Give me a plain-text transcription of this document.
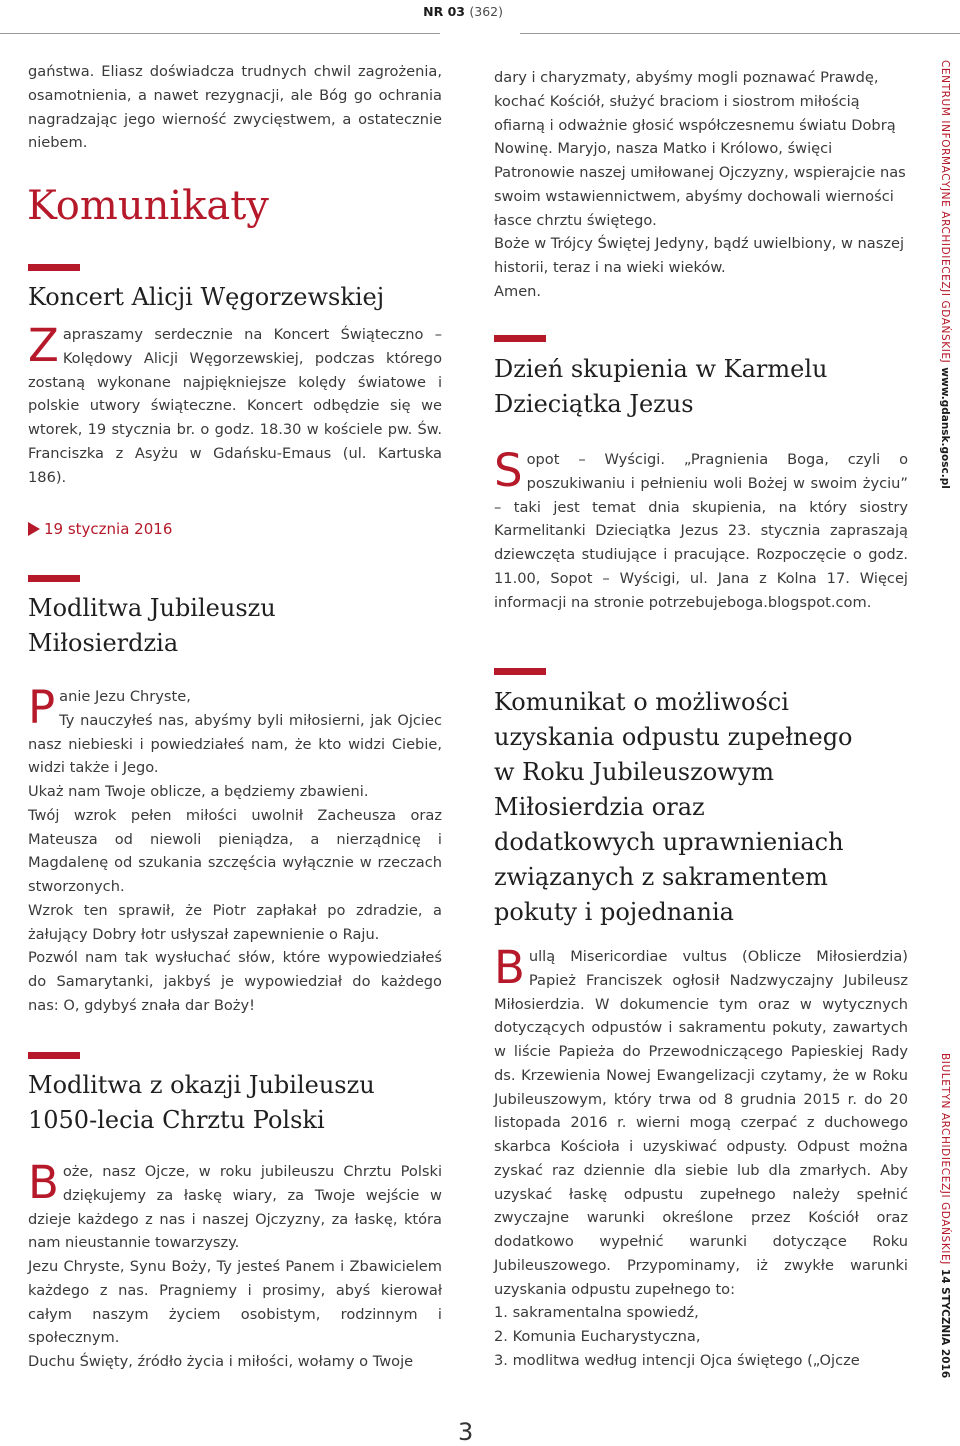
NR 03 (362)

gaństwa. Eliasz doświadcza trudnych chwil zagrożenia, osamotnienia, a nawet rezygnacji, ale Bóg go ochrania nagradzając jego wierność zwycięstwem, a ostatecznie niebem.

Komunikaty
Koncert Alicji Węgorzewskiej

Zapraszamy serdecznie na Koncert Świąteczno – Kolędowy Alicji Węgorzewskiej, podczas którego zostaną wykonane najpiękniejsze kolędy światowe i polskie utwory świąteczne. Koncert odbędzie się we wtorek, 19 stycznia br. o godz. 18.30 w kościele pw. Św. Franciszka z Asyżu w Gdańsku-Emaus (ul. Kartuska 186).

19 stycznia 2016
Modlitwa Jubileuszu
Miłosierdzia

Panie Jezu Chryste,

Ty nauczyłeś nas, abyśmy byli miłosierni, jak Ojciec nasz niebieski i powiedziałeś nam, że kto widzi Ciebie, widzi także i Jego.

Ukaż nam Twoje oblicze, a będziemy zbawieni.

Twój wzrok pełen miłości uwolnił Zacheusza oraz Mateusza od niewoli pieniądza, a nierządnicę i Magdalenę od szukania szczęścia wyłącznie w rzeczach stworzonych.

Wzrok ten sprawił, że Piotr zapłakał po zdradzie, a żałujący Dobry łotr usłyszał zapewnienie o Raju.

Pozwól nam tak wysłuchać słów, które wypowiedziałeś do Samarytanki, jakbyś je wypowiedział do każdego nas: O, gdybyś znała dar Boży!

Modlitwa z okazji Jubileuszu
1050-lecia Chrztu Polski

Boże, nasz Ojcze, w roku jubileuszu Chrztu Polski dziękujemy za łaskę wiary, za Twoje wejście w dzieje każdego z nas i naszej Ojczyzny, za łaskę, która nam nieustannie towarzyszy.

Jezu Chryste, Synu Boży, Ty jesteś Panem i Zbawicielem każdego z nas. Pragniemy i prosimy, abyś kierował całym naszym życiem osobistym, rodzinnym i społecznym.

Duchu Święty, źródło życia i miłości, wołamy o Twoje

dary i charyzmaty, abyśmy mogli poznawać Prawdę, kochać Kościół, służyć braciom i siostrom miłością ofiarną i odważnie głosić współczesnemu światu Dobrą Nowinę. Maryjo, nasza Matko i Królowo, święci Patronowie naszej umiłowanej Ojczyzny, wspierajcie nas swoim wstawiennictwem, abyśmy dochowali wierności łasce chrztu świętego.

Boże w Trójcy Świętej Jedyny, bądź uwielbiony, w naszej historii, teraz i na wieki wieków.

Amen.

Dzień skupienia w Karmelu
Dzieciątka Jezus

Sopot – Wyścigi. „Pragnienia Boga, czyli o poszukiwaniu i pełnieniu woli Bożej w swoim życiu” – taki jest temat dnia skupienia, na który siostry Karmelitanki Dzieciątka Jezus 23. stycznia zapraszają dziewczęta studiujące i pracujące. Rozpoczęcie o godz. 11.00, Sopot – Wyścigi, ul. Jana z Kolna 17. Więcej informacji na stronie potrzebujeboga.blogspot.com.

Komunikat o możliwości
uzyskania odpustu zupełnego
w Roku Jubileuszowym
Miłosierdzia oraz
dodatkowych uprawnieniach
związanych z sakramentem
pokuty i pojednania

Bullą Misericordiae vultus (Oblicze Miłosierdzia) Papież Franciszek ogłosił Nadzwyczajny Jubileusz Miłosierdzia. W dokumencie tym oraz w wytycznych dotyczących odpustów i sakramentu pokuty, zawartych w liście Papieża do Przewodniczącego Papieskiej Rady ds. Krzewienia Nowej Ewangelizacji czytamy, że w Roku Jubileuszowym, który trwa od 8 grudnia 2015 r. do 20 listopada 2016 r. wierni mogą czerpać z duchowego skarbca Kościoła i uzyskiwać odpusty. Odpust można zyskać raz dziennie dla siebie lub dla zmarłych. Aby uzyskać łaskę odpustu zupełnego należy spełnić zwyczajne warunki określone przez Kościół oraz dodatkowo wypełnić warunki dotyczące Roku Jubileuszowego. Przypominamy, iż zwykłe warunki uzyskania odpustu zupełnego to:

1. sakramentalna spowiedź,

2. Komunia Eucharystyczna,

3. modlitwa według intencji Ojca świętego („Ojcze

CENTRUM INFORMACYJNE ARCHIDIECEZJI GDAŃSKIEJ www.gdansk.gosc.pl
BIULETYN ARCHIDIECEZJI GDAŃSKIEJ 14 STYCZNIA 2016
3
